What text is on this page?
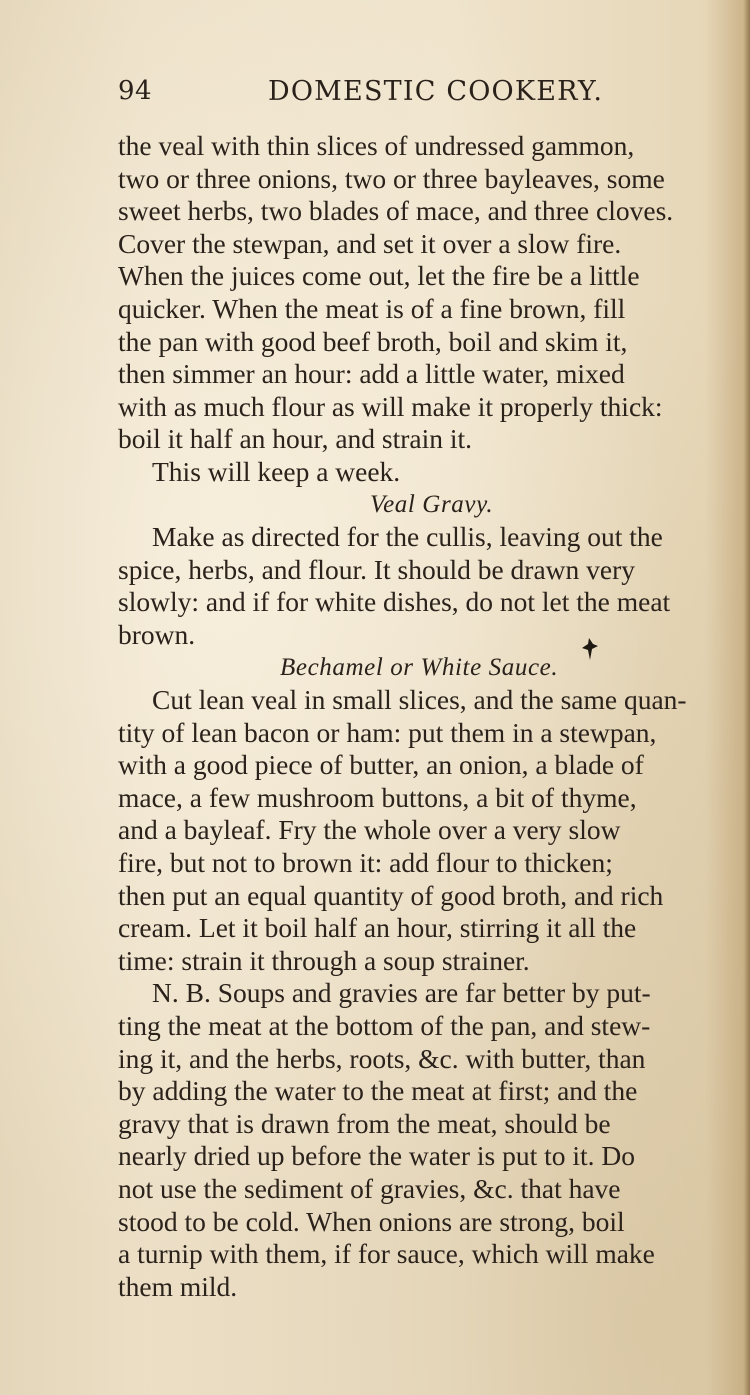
94	DOMESTIC COOKERY.
the veal with thin slices of undressed gammon,
two or three onions, two or three bayleaves, some
sweet herbs, two blades of mace, and three cloves.
Cover the stewpan, and set it over a slow fire.
When the juices come out, let the fire be a little
quicker. When the meat is of a fine brown, fill
the pan with good beef broth, boil and skim it,
then simmer an hour: add a little water, mixed
with as much flour as will make it properly thick:
boil it half an hour, and strain it.
This will keep a week.
Veal Gravy.
Make as directed for the cullis, leaving out the
spice, herbs, and flour. It should be drawn very
slowly: and if for white dishes, do not let the meat
brown.
Bechamel or White Sauce.
Cut lean veal in small slices, and the same quan-
tity of lean bacon or ham: put them in a stewpan,
with a good piece of butter, an onion, a blade of
mace, a few mushroom buttons, a bit of thyme,
and a bayleaf. Fry the whole over a very slow
fire, but not to brown it: add flour to thicken;
then put an equal quantity of good broth, and rich
cream. Let it boil half an hour, stirring it all the
time: strain it through a soup strainer.
N. B. Soups and gravies are far better by put-
ting the meat at the bottom of the pan, and stew-
ing it, and the herbs, roots, &c. with butter, than
by adding the water to the meat at first; and the
gravy that is drawn from the meat, should be
nearly dried up before the water is put to it. Do
not use the sediment of gravies, &c. that have
stood to be cold. When onions are strong, boil
a turnip with them, if for sauce, which will make
them mild.
